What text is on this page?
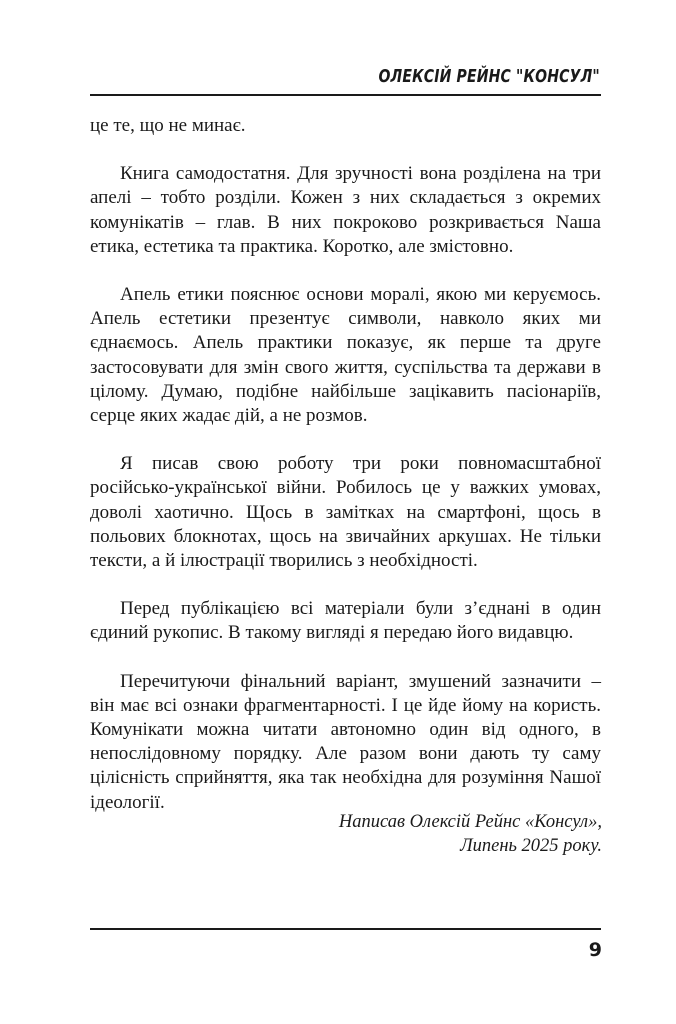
ОЛЕКСІЙ РЕЙНС "КОНСУЛ"

це те, що не минає.

Книга самодостатня. Для зручності вона розділена на три апелі – тобто розділи. Кожен з них складається з окремих комунікатів – глав. В них покроково розкривається Nаша етика, естетика та практика. Коротко, але змістовно.

Апель етики пояснює основи моралі, якою ми керуємось. Апель естетики презентує символи, навколо яких ми єднаємось. Апель практики показує, як перше та друге застосовувати для змін свого життя, суспільства та держави в цілому. Думаю, подібне найбільше зацікавить пасіонаріїв, серце яких жадає дій, а не розмов.

Я писав свою роботу три роки повномасштабної російсько-української війни. Робилось це у важких умовах, доволі хаотично. Щось в замітках на смартфоні, щось в польових блокнотах, щось на звичайних аркушах. Не тільки тексти, а й ілюстрації творились з необхідності.

Перед публікацією всі матеріали були з’єднані в один єдиний рукопис. В такому вигляді я передаю його видавцю.

Перечитуючи фінальний варіант, змушений зазначити – він має всі ознаки фрагментарності. І це йде йому на користь. Комунікати можна читати автономно один від одного, в непослідовному порядку. Але разом вони дають ту саму цілісність сприйняття, яка так необхідна для розуміння Nашої ідеології.

Написав Олексій Рейнс «Консул»,
Липень 2025 року.
9
